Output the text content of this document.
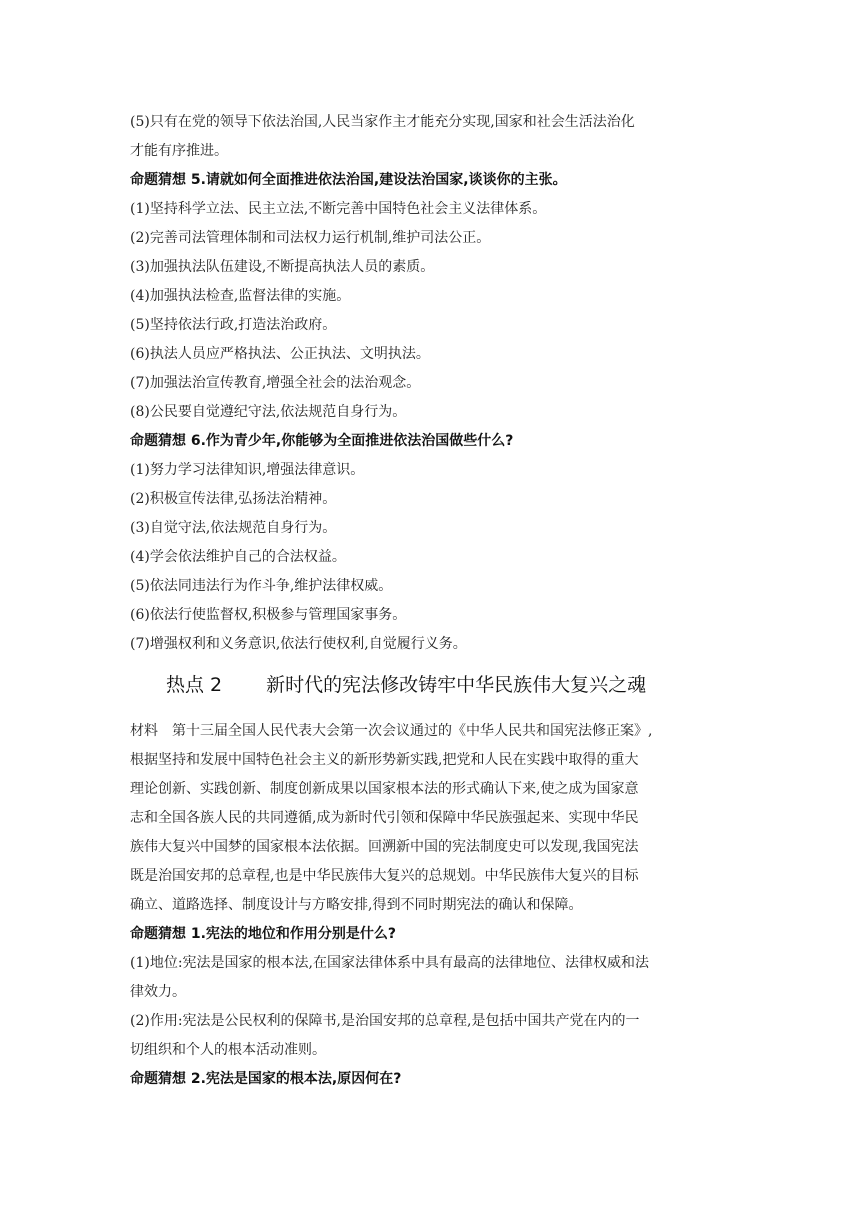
(5)只有在党的领导下依法治国,人民当家作主才能充分实现,国家和社会生活法治化
才能有序推进。
命题猜想 5.请就如何全面推进依法治国,建设法治国家,谈谈你的主张。
(1)坚持科学立法、民主立法,不断完善中国特色社会主义法律体系。
(2)完善司法管理体制和司法权力运行机制,维护司法公正。
(3)加强执法队伍建设,不断提高执法人员的素质。
(4)加强执法检查,监督法律的实施。
(5)坚持依法行政,打造法治政府。
(6)执法人员应严格执法、公正执法、文明执法。
(7)加强法治宣传教育,增强全社会的法治观念。
(8)公民要自觉遵纪守法,依法规范自身行为。
命题猜想 6.作为青少年,你能够为全面推进依法治国做些什么?
(1)努力学习法律知识,增强法律意识。
(2)积极宣传法律,弘扬法治精神。
(3)自觉守法,依法规范自身行为。
(4)学会依法维护自己的合法权益。
(5)依法同违法行为作斗争,维护法律权威。
(6)依法行使监督权,积极参与管理国家事务。
(7)增强权利和义务意识,依法行使权利,自觉履行义务。
热点 2 新时代的宪法修改铸牢中华民族伟大复兴之魂
材料 第十三届全国人民代表大会第一次会议通过的《中华人民共和国宪法修正案》,
根据坚持和发展中国特色社会主义的新形势新实践,把党和人民在实践中取得的重大
理论创新、实践创新、制度创新成果以国家根本法的形式确认下来,使之成为国家意
志和全国各族人民的共同遵循,成为新时代引领和保障中华民族强起来、实现中华民
族伟大复兴中国梦的国家根本法依据。回溯新中国的宪法制度史可以发现,我国宪法
既是治国安邦的总章程,也是中华民族伟大复兴的总规划。中华民族伟大复兴的目标
确立、道路选择、制度设计与方略安排,得到不同时期宪法的确认和保障。
命题猜想 1.宪法的地位和作用分别是什么?
(1)地位:宪法是国家的根本法,在国家法律体系中具有最高的法律地位、法律权威和法
律效力。
(2)作用:宪法是公民权利的保障书,是治国安邦的总章程,是包括中国共产党在内的一
切组织和个人的根本活动准则。
命题猜想 2.宪法是国家的根本法,原因何在?
